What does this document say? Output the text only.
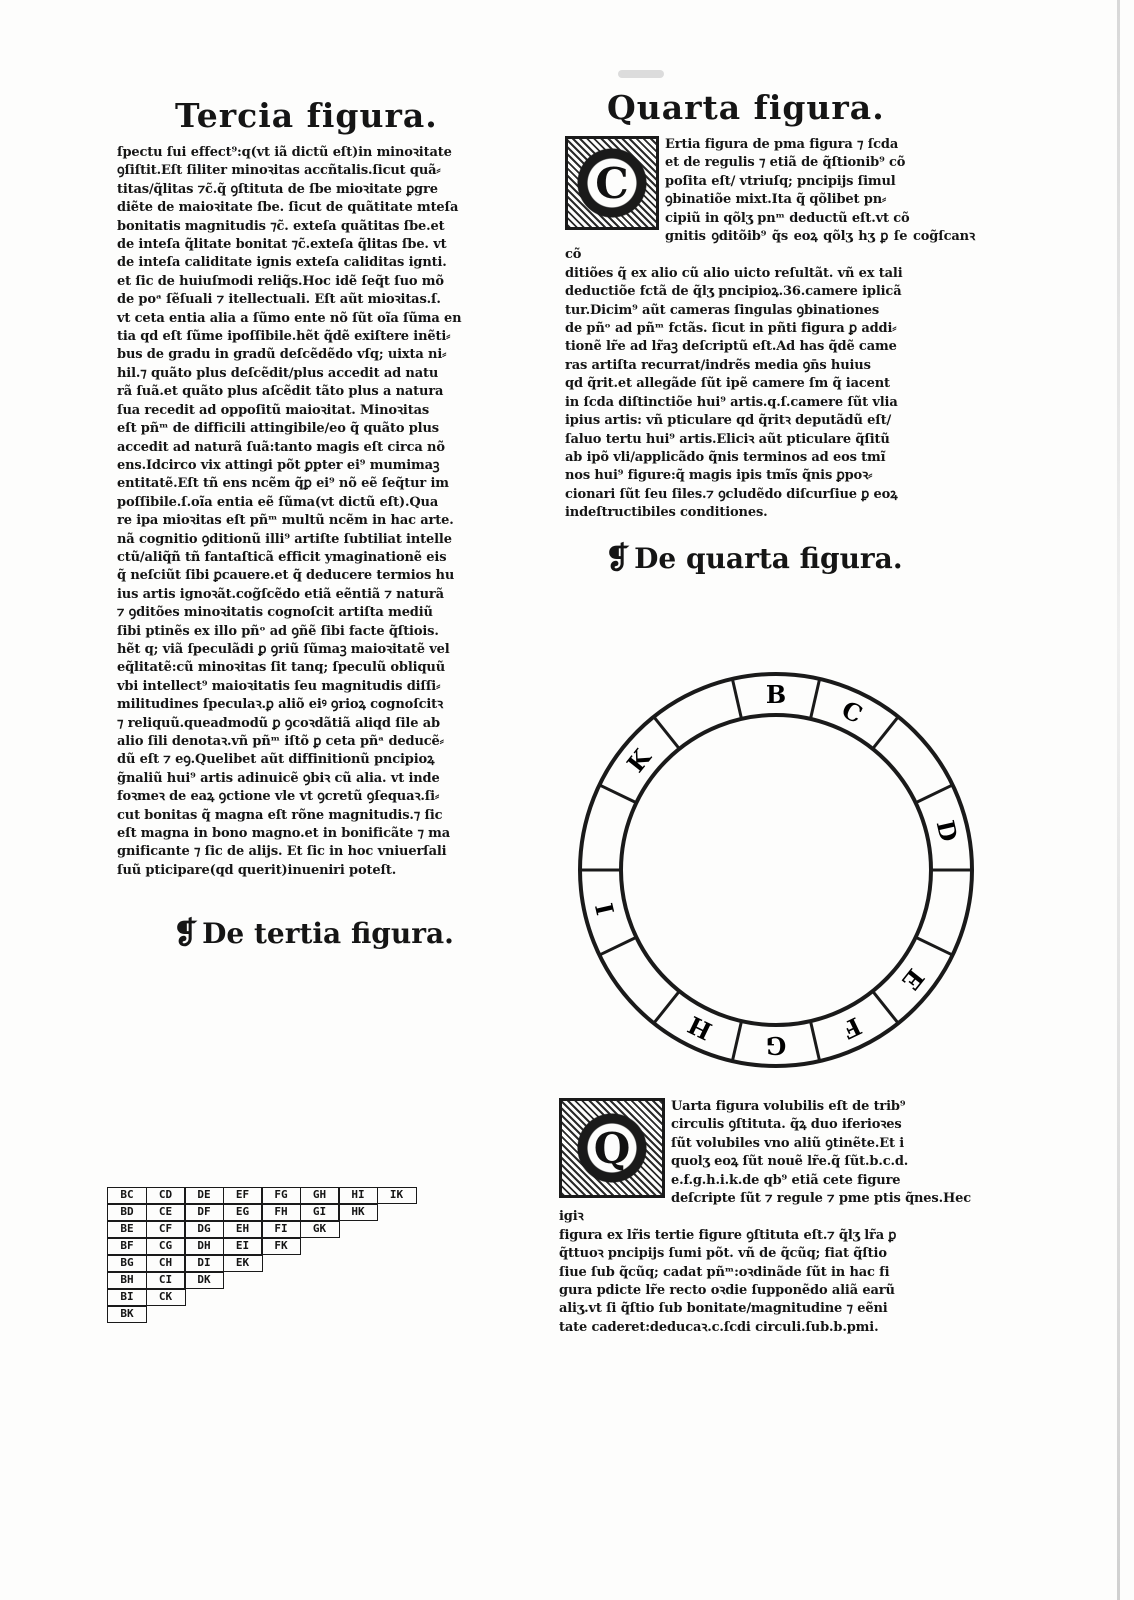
Tercia figura.

ſpectu ſui effect⁹:q(vt iã dictũ eſt)in minoꝛitate
ꝯſiſtit.Eſt ſiliter minoꝛitas accñtalis.ſicut quã⸗
titas/q̃litas ⁊c̃.q̃ ꝯſtituta de ſbe mioꝛitate ꝑgre
diẽte de maioꝛitate ſbe. ſicut de quãtitate mteſa
bonitatis magnitudis ⁊c̃. exteſa quãtitas ſbe.et
de inteſa q̃litate bonitat ⁊c̃.exteſa q̃litas ſbe. vt
de inteſa caliditate ignis exteſa caliditas ignti.
et ſic de huiuſmodi reliq̃s.Hoc idẽ ſeq̃t ſuo mõ
de poᵃ ſẽſuali ⁊ itellectuali. Eſt aũt mioꝛitas.ſ.
vt ceta entia alia a ſũmo ente nõ ſũt oĩa ſũma en
tia qd eſt ſũme ipoſſibile.hẽt q̃dẽ exiſtere inẽti⸗
bus de gradu in gradũ deſcẽdẽdo vſq; uixta ni⸗
hil.⁊ quãto plus deſcẽdit/plus accedit ad natu
rã ſuã.et quãto plus aſcẽdit tãto plus a natura
ſua recedit ad oppoſitũ maioꝛitat. Minoꝛitas
eſt pñᵐ de difficili attingibile/eo q̃ quãto plus
accedit ad naturã ſuã:tanto magis eſt circa nõ
ens.Idcirco vix attingi põt ꝑpter ei⁹ mumimaꝫ
entitatẽ.Eſt tñ ens ncẽm q̃ꝑ ei⁹ nõ eẽ ſeq̃tur im
poſſibile.ſ.oĩa entia eẽ ſũma(vt dictũ eſt).Qua
re ipa mioꝛitas eſt pñᵐ multũ ncẽm in hac arte.
nã cognitio ꝯditionũ illi⁹ artiſte ſubtiliat intelle
ctũ/aliq̃ñ tñ fantaſticã efficit ymaginationẽ eis
q̃ neſciũt ſibi ꝑcauere.et q̃ deducere termios hu
ius artis ignoꝛãt.cog̃ſcẽdo etiã eẽntiã ⁊ naturã
⁊ ꝯditões minoꝛitatis cognoſcit artiſta mediũ
ſibi ptinẽs ex illo pñᵒ ad ꝯñẽ ſibi facte q̃ſtiois.
hẽt q; viã ſpeculãdi ꝑ ꝯriũ ſũmaꝫ maioꝛitatẽ vel
eq̃litatẽ:cũ minoꝛitas ſit tanq; ſpeculũ obliquũ
vbi intellect⁹ maioꝛitatis ſeu magnitudis diſſi⸗
militudines ſpeculaꝛ.ꝑ aliõ eiꝰ ꝯrioꝝ cognoſcitꝛ
⁊ reliquũ.queadmodũ ꝑ ꝯcoꝛdãtiã aliqd ſile ab
alio ſili denotaꝛ.vñ pñᵐ iſtõ ꝑ ceta pñᵃ deducẽ⸗
dũ eſt ⁊ eꝯ.Quelibet aũt diffinitionũ pncipioꝝ
g̃naliũ hui⁹ artis adinuicẽ ꝯbiꝛ cũ alia. vt inde
foꝛmeꝛ de eaꝝ ꝯctione vle vt ꝯcretũ ꝯſequaꝛ.ſi⸗
cut bonitas q̃ magna eſt rõne magnitudis.⁊ ſic
eſt magna in bono magno.et in bonificãte ⁊ ma
gnificante ⁊ ſic de alijs. Et ſic in hoc vniuerſali
ſuũ pticipare(qd querit)inueniri poteſt.

❡ De tertia figura.
BC	CD	DE	EF	FG	GH	HI	IK
BD	CE	DF	EG	FH	GI	HK
BE	CF	DG	EH	FI	GK
BF	CG	DH	EI	FK
BG	CH	DI	EK
BH	CI	DK
BI	CK
BK
Quarta figura.
C

Ertia figura de pma figura ⁊ ſcda
et de regulis ⁊ etiã de q̃ſtionib⁹ cõ
poſita eſt/ vtriuſq; pncipijs ſimul
ꝯbinatiõe mixt.Ita q̃ qõlibet pn⸗
cipiũ in qõlʒ pnᵐ deductũ eſt.vt cõ
gnitis ꝯditõib⁹ q̃s eoꝝ qõlʒ hʒ ꝑ ſe cog̃ſcanꝛ cõ
ditiões q̃ ex alio cũ alio uicto reſultãt. vñ ex tali
deductiõe fctã de q̃lʒ pncipioꝝ.36.camere iplicã
tur.Dicim⁹ aũt cameras ſingulas ꝯbinationes
de pñᵒ ad pñᵐ fctãs. ſicut in pñti figura ꝑ addi⸗
tionẽ lr̃e ad lr̃aꝫ deſcriptũ eſt.Ad has q̃dẽ came
ras artiſta recurrat/indrẽs media ꝯn̄s huius
qd q̃rit.et allegãde ſũt ipẽ camere ſm q̃ iacent
in ſcda diſtinctiõe hui⁹ artis.q.ſ.camere ſũt vlia
ipius artis: vñ pticulare qd q̃ritꝛ deputãdũ eſt/
ſaluo tertu hui⁹ artis.Eliciꝛ aũt pticulare q̃ſitũ
ab ipõ vli/applicãdo q̃nis terminos ad eos tmĩ
nos hui⁹ figure:q̃ magis ipis tmĩs q̃nis ꝑpoꝛ⸗
cionari ſũt ſeu ſiles.⁊ ꝯcludẽdo diſcurſiue ꝑ eoꝝ
indeſtructibiles conditiones.

❡ De quarta figura.
B
C
D
E
F
G
H
I
K
Q

Uarta figura volubilis eſt de trib⁹
circulis ꝯſtituta. q̃ꝝ duo iferioꝛes
ſũt volubiles vno aliũ ꝯtinẽte.Et i
quolʒ eoꝝ ſũt nouẽ lr̃e.q̃ ſũt.b.c.d.
e.f.g.h.i.k.de qb⁹ etiã cete figure
deſcripte ſũt ⁊ regule ⁊ pme ptis q̃nes.Hec igiꝛ
figura ex lr̃is tertie figure ꝯſtituta eſt.⁊ q̃lʒ lr̃a ꝑ
q̃ttuoꝛ pncipijs ſumi põt. vñ de q̃cũq; fiat q̃ſtio
ſiue ſub q̃cũq; cadat pñᵐ:oꝛdinãde ſũt in hac fi
gura pdicte lr̃e recto oꝛdie ſupponẽdo aliã earũ
aliʒ.vt ſi q̃ſtio ſub bonitate/magnitudine ⁊ eẽni
tate caderet:deducaꝛ.c.ſcdi circuli.ſub.b.pmi.
